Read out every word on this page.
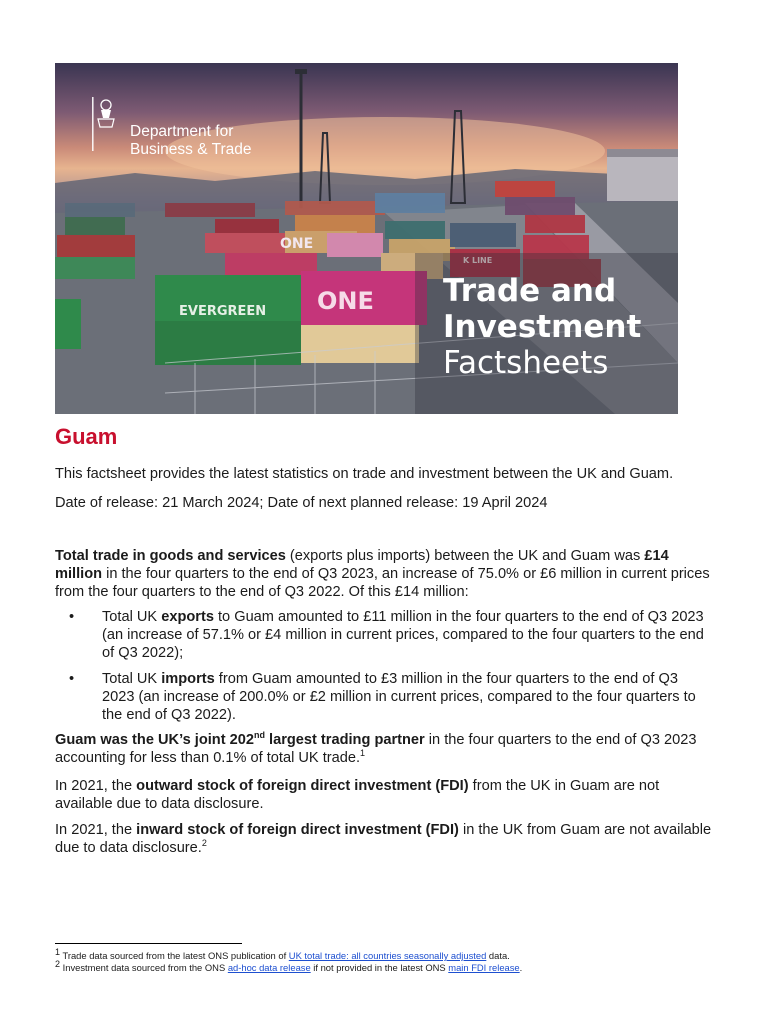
EVERGREEN ONE
ONE
K LINE
Department for
Business & Trade
Trade and
Investment
Factsheets
Guam

This factsheet provides the latest statistics on trade and investment between the UK and Guam.

Date of release: 21 March 2024; Date of next planned release: 19 April 2024

Total trade in goods and services (exports plus imports) between the UK and Guam was £14 million in the four quarters to the end of Q3 2023, an increase of 75.0% or £6 million in current prices from the four quarters to the end of Q3 2022. Of this £14 million:

• Total UK exports to Guam amounted to £11 million in the four quarters to the end of Q3 2023 (an increase of 57.1% or £4 million in current prices, compared to the four quarters to the end of Q3 2022);
• Total UK imports from Guam amounted to £3 million in the four quarters to the end of Q3 2023 (an increase of 200.0% or £2 million in current prices, compared to the four quarters to the end of Q3 2022).

Guam was the UK’s joint 202nd largest trading partner in the four quarters to the end of Q3 2023 accounting for less than 0.1% of total UK trade.$^1$

In 2021, the outward stock of foreign direct investment (FDI) from the UK in Guam are not available due to data disclosure.

In 2021, the inward stock of foreign direct investment (FDI) in the UK from Guam are not available due to data disclosure.$^2$

$^1$ Trade data sourced from the latest ONS publication of UK total trade: all countries seasonally adjusted data.
$^2$ Investment data sourced from the ONS ad-hoc data release if not provided in the latest ONS main FDI release.
